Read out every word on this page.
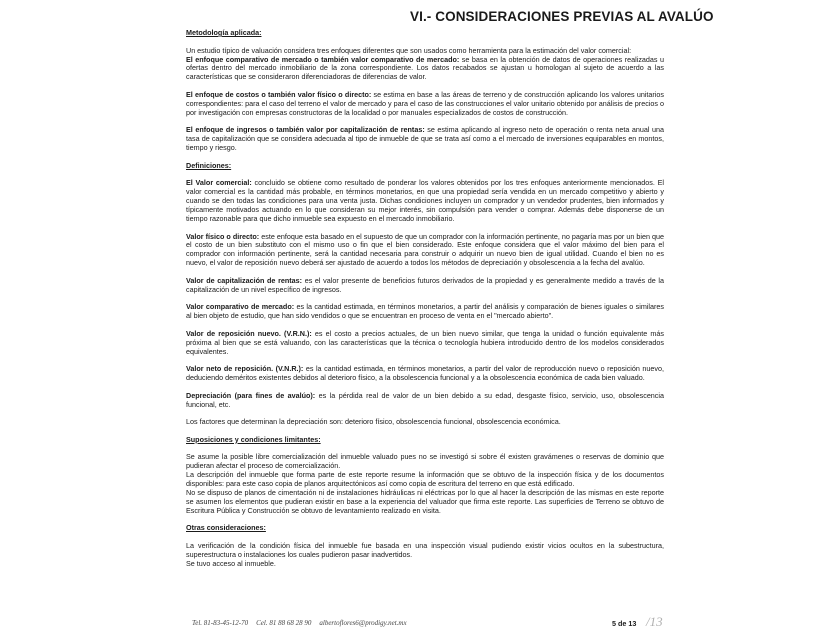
VI.- CONSIDERACIONES PREVIAS AL AVALÚO

Metodología aplicada:

Un estudio típico de valuación considera tres enfoques diferentes que son usados como herramienta para la estimación del valor comercial:

El enfoque comparativo de mercado o también valor comparativo de mercado: se basa en la obtención de datos de operaciones realizadas u ofertas dentro del mercado inmobiliario de la zona correspondiente. Los datos recabados se ajustan u homologan al sujeto de acuerdo a las características que se consideraron diferenciadoras de diferencias de valor.

El enfoque de costos o también valor físico o directo: se estima en base a las áreas de terreno y de construcción aplicando los valores unitarios correspondientes: para el caso del terreno el valor de mercado y para el caso de las construcciones el valor unitario obtenido por análisis de precios o por investigación con empresas constructoras de la localidad o por manuales especializados de costos de construcción.

El enfoque de ingresos o también valor por capitalización de rentas: se estima aplicando al ingreso neto de operación o renta neta anual una tasa de capitalización que se considera adecuada al tipo de inmueble de que se trata así como a el mercado de inversiones equiparables en montos, tiempo y riesgo.

Definiciones:

El Valor comercial: concluido se obtiene como resultado de ponderar los valores obtenidos por los tres enfoques anteriormente mencionados. El valor comercial es la cantidad más probable, en términos monetarios, en que una propiedad sería vendida en un mercado competitivo y abierto y cuando se den todas las condiciones para una venta justa. Dichas condiciones incluyen un comprador y un vendedor prudentes, bien informados y típicamente motivados actuando en lo que consideran su mejor interés, sin compulsión para vender o comprar. Además debe disponerse de un tiempo razonable para que dicho inmueble sea expuesto en el mercado inmobiliario.

Valor físico o directo: este enfoque esta basado en el supuesto de que un comprador con la información pertinente, no pagaría mas por un bien que el costo de un bien substituto con el mismo uso o fin que el bien considerado. Este enfoque considera que el valor máximo del bien para el comprador con información pertinente, será la cantidad necesaria para construir o adquirir un nuevo bien de igual utilidad. Cuando el bien no es nuevo, el valor de reposición nuevo deberá ser ajustado de acuerdo a todos los métodos de depreciación y obsolescencia a la fecha del avalúo.

Valor de capitalización de rentas: es el valor presente de beneficios futuros derivados de la propiedad y es generalmente medido a través de la capitalización de un nivel específico de ingresos.

Valor comparativo de mercado: es la cantidad estimada, en términos monetarios, a partir del análisis y comparación de bienes iguales o similares al bien objeto de estudio, que han sido vendidos o que se encuentran en proceso de venta en el "mercado abierto".

Valor de reposición nuevo. (V.R.N.): es el costo a precios actuales, de un bien nuevo similar, que tenga la unidad o función equivalente más próxima al bien que se está valuando, con las características que la técnica o tecnología hubiera introducido dentro de los modelos considerados equivalentes.

Valor neto de reposición. (V.N.R.): es la cantidad estimada, en términos monetarios, a partir del valor de reproducción nuevo o reposición nuevo, deduciendo deméritos existentes debidos al deterioro físico, a la obsolescencia funcional y a la obsolescencia económica de cada bien valuado.

Depreciación (para fines de avalúo): es la pérdida real de valor de un bien debido a su edad, desgaste físico, servicio, uso, obsolescencia funcional, etc.

Los factores que determinan la depreciación son: deterioro físico, obsolescencia funcional, obsolescencia económica.

Suposiciones y condiciones limitantes:

Se asume la posible libre comercialización del inmueble valuado pues no se investigó si sobre él existen gravámenes o reservas de dominio que pudieran afectar el proceso de comercialización.

La descripción del inmueble que forma parte de este reporte resume la información que se obtuvo de la inspección física y de los documentos disponibles: para este caso copia de planos arquitectónicos así como copia de escritura del terreno en que está edificado.

No se dispuso de planos de cimentación ni de instalaciones hidráulicas ni eléctricas por lo que al hacer la descripción de las mismas en este reporte se asumen los elementos que pudieran existir en base a la experiencia del valuador que firma este reporte. Las superficies de Terreno se obtuvo de Escritura Pública y Construcción se obtuvo de levantamiento realizado en visita.

Otras consideraciones:

La verificación de la condición física del inmueble fue basada en una inspección visual pudiendo existir vicios ocultos en la subestructura, superestructura o instalaciones los cuales pudieron pasar inadvertidos.

Se tuvo acceso al inmueble.

Tel. 81-83-45-12-70 Cel. 81 88 68 28 90 albertoflores6@prodigy.net.mx	5 de 13 /13
